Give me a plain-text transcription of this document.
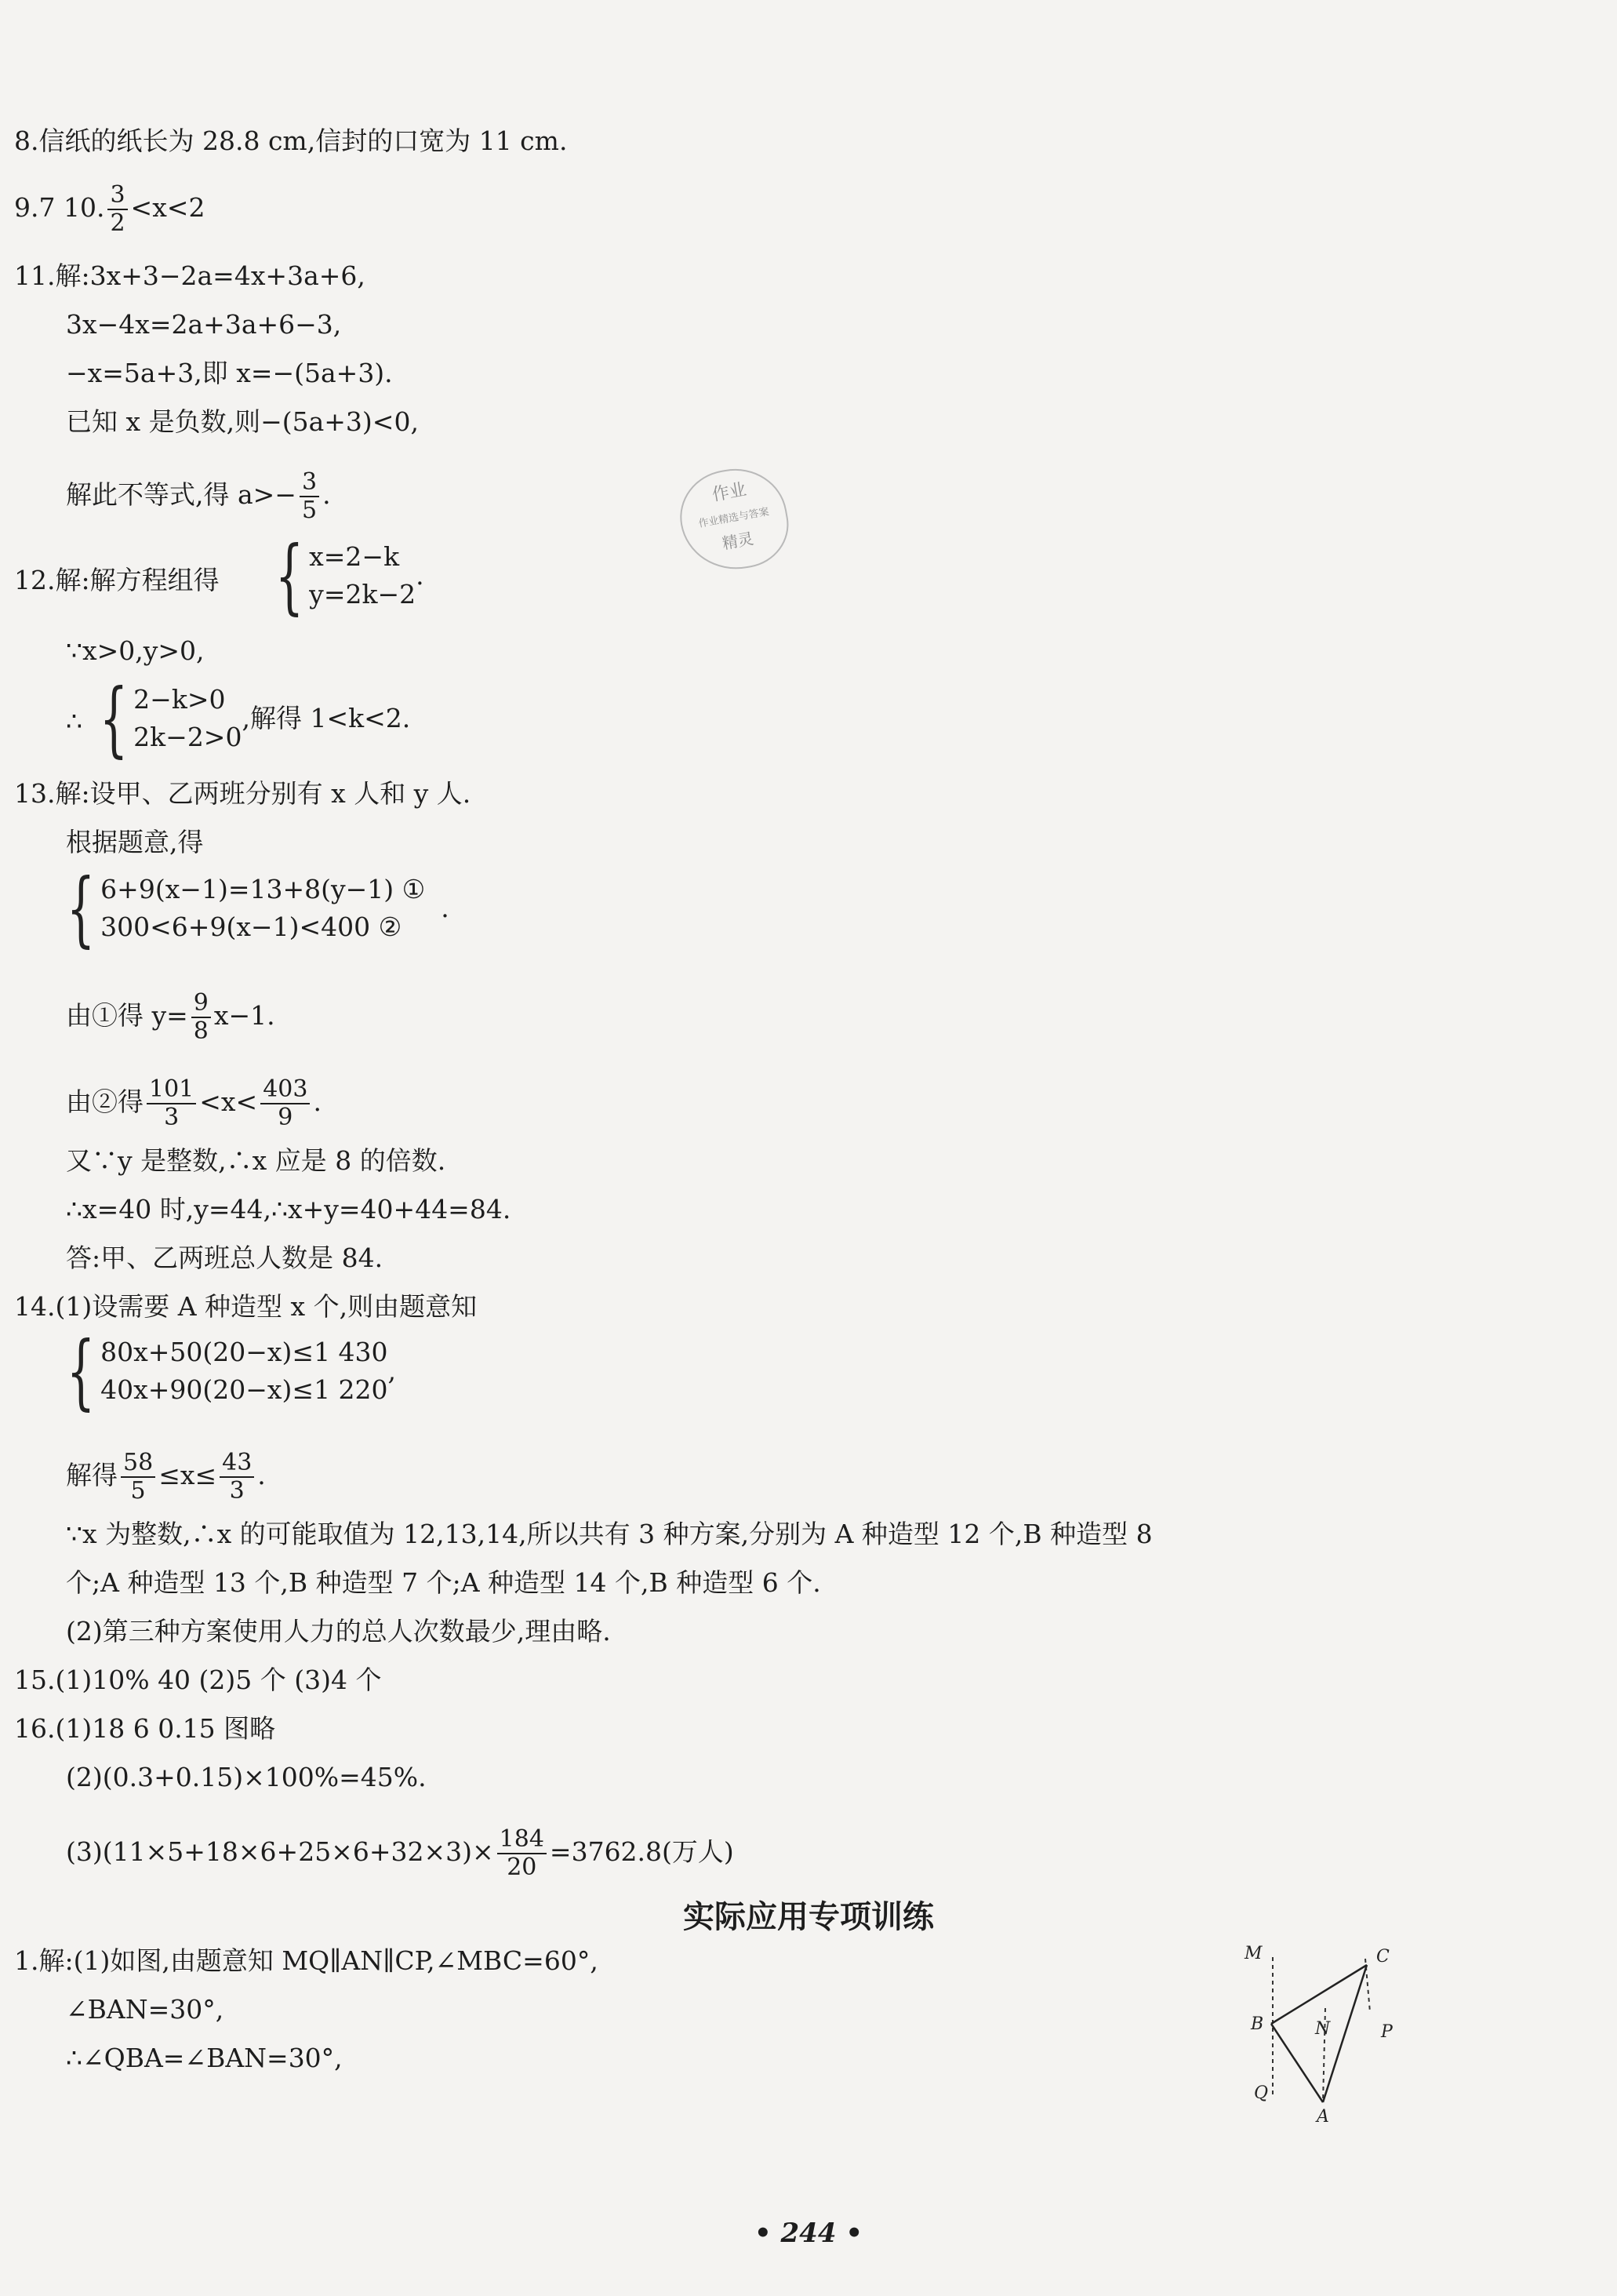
8.信纸的纸长为 28.8 cm,信封的口宽为 11 cm.
9.7 10. $\frac{3}{2} <x<2$
11.解:3x+3−2a=4x+3a+6,
3x−4x=2a+3a+6−3,
−x=5a+3,即 x=−(5a+3).
已知 x 是负数,则−(5a+3)<0,
解此不等式,得 $a>- \frac{3}{5}$ .	作业
作业精选与答案
精灵
12.解:解方程组得 { x=2−k
y=2k−2
.
∵x>0,y>0,
∴ { 2−k>0
2k−2>0
,解得 1<k<2.
13.解:设甲、乙两班分别有 x 人和 y 人.
根据题意,得
{ 6+9(x−1)=13+8(y−1) ①
300<6+9(x−1)<400 ②
.
由①得 $y= \frac{9}{8} x-1$.
由②得 $\frac{101}{3} <x< \frac{403}{9}$ .
又∵y 是整数,∴x 应是 8 的倍数.
∴x=40 时,y=44,∴x+y=40+44=84.
答:甲、乙两班总人数是 84.
14.(1)设需要 A 种造型 x 个,则由题意知
{ 80x+50(20−x)≤1 430
40x+90(20−x)≤1 220
,
解得 $\frac{58}{5} \le x\le \frac{43}{3}$ .
∵x 为整数,∴x 的可能取值为 12,13,14,所以共有 3 种方案,分别为 A 种造型 12 个,B 种造型 8
个;A 种造型 13 个,B 种造型 7 个;A 种造型 14 个,B 种造型 6 个.
(2)第三种方案使用人力的总人次数最少,理由略.
15.(1)10% 40 (2)5 个 (3)4 个
16.(1)18 6 0.15 图略
(2)(0.3+0.15)×100%=45%.
$(3)(11\times 5+18\times 6+25\times 6+32\times 3)\times \frac{184}{20} =3762.8$(万人)
实际应用专项训练
1.解:(1)如图,由题意知 MQ∥AN∥CP,∠MBC=60°,
∠BAN=30°,
∴∠QBA=∠BAN=30°,
M	C
B	N	P
Q
A
• 244 •
